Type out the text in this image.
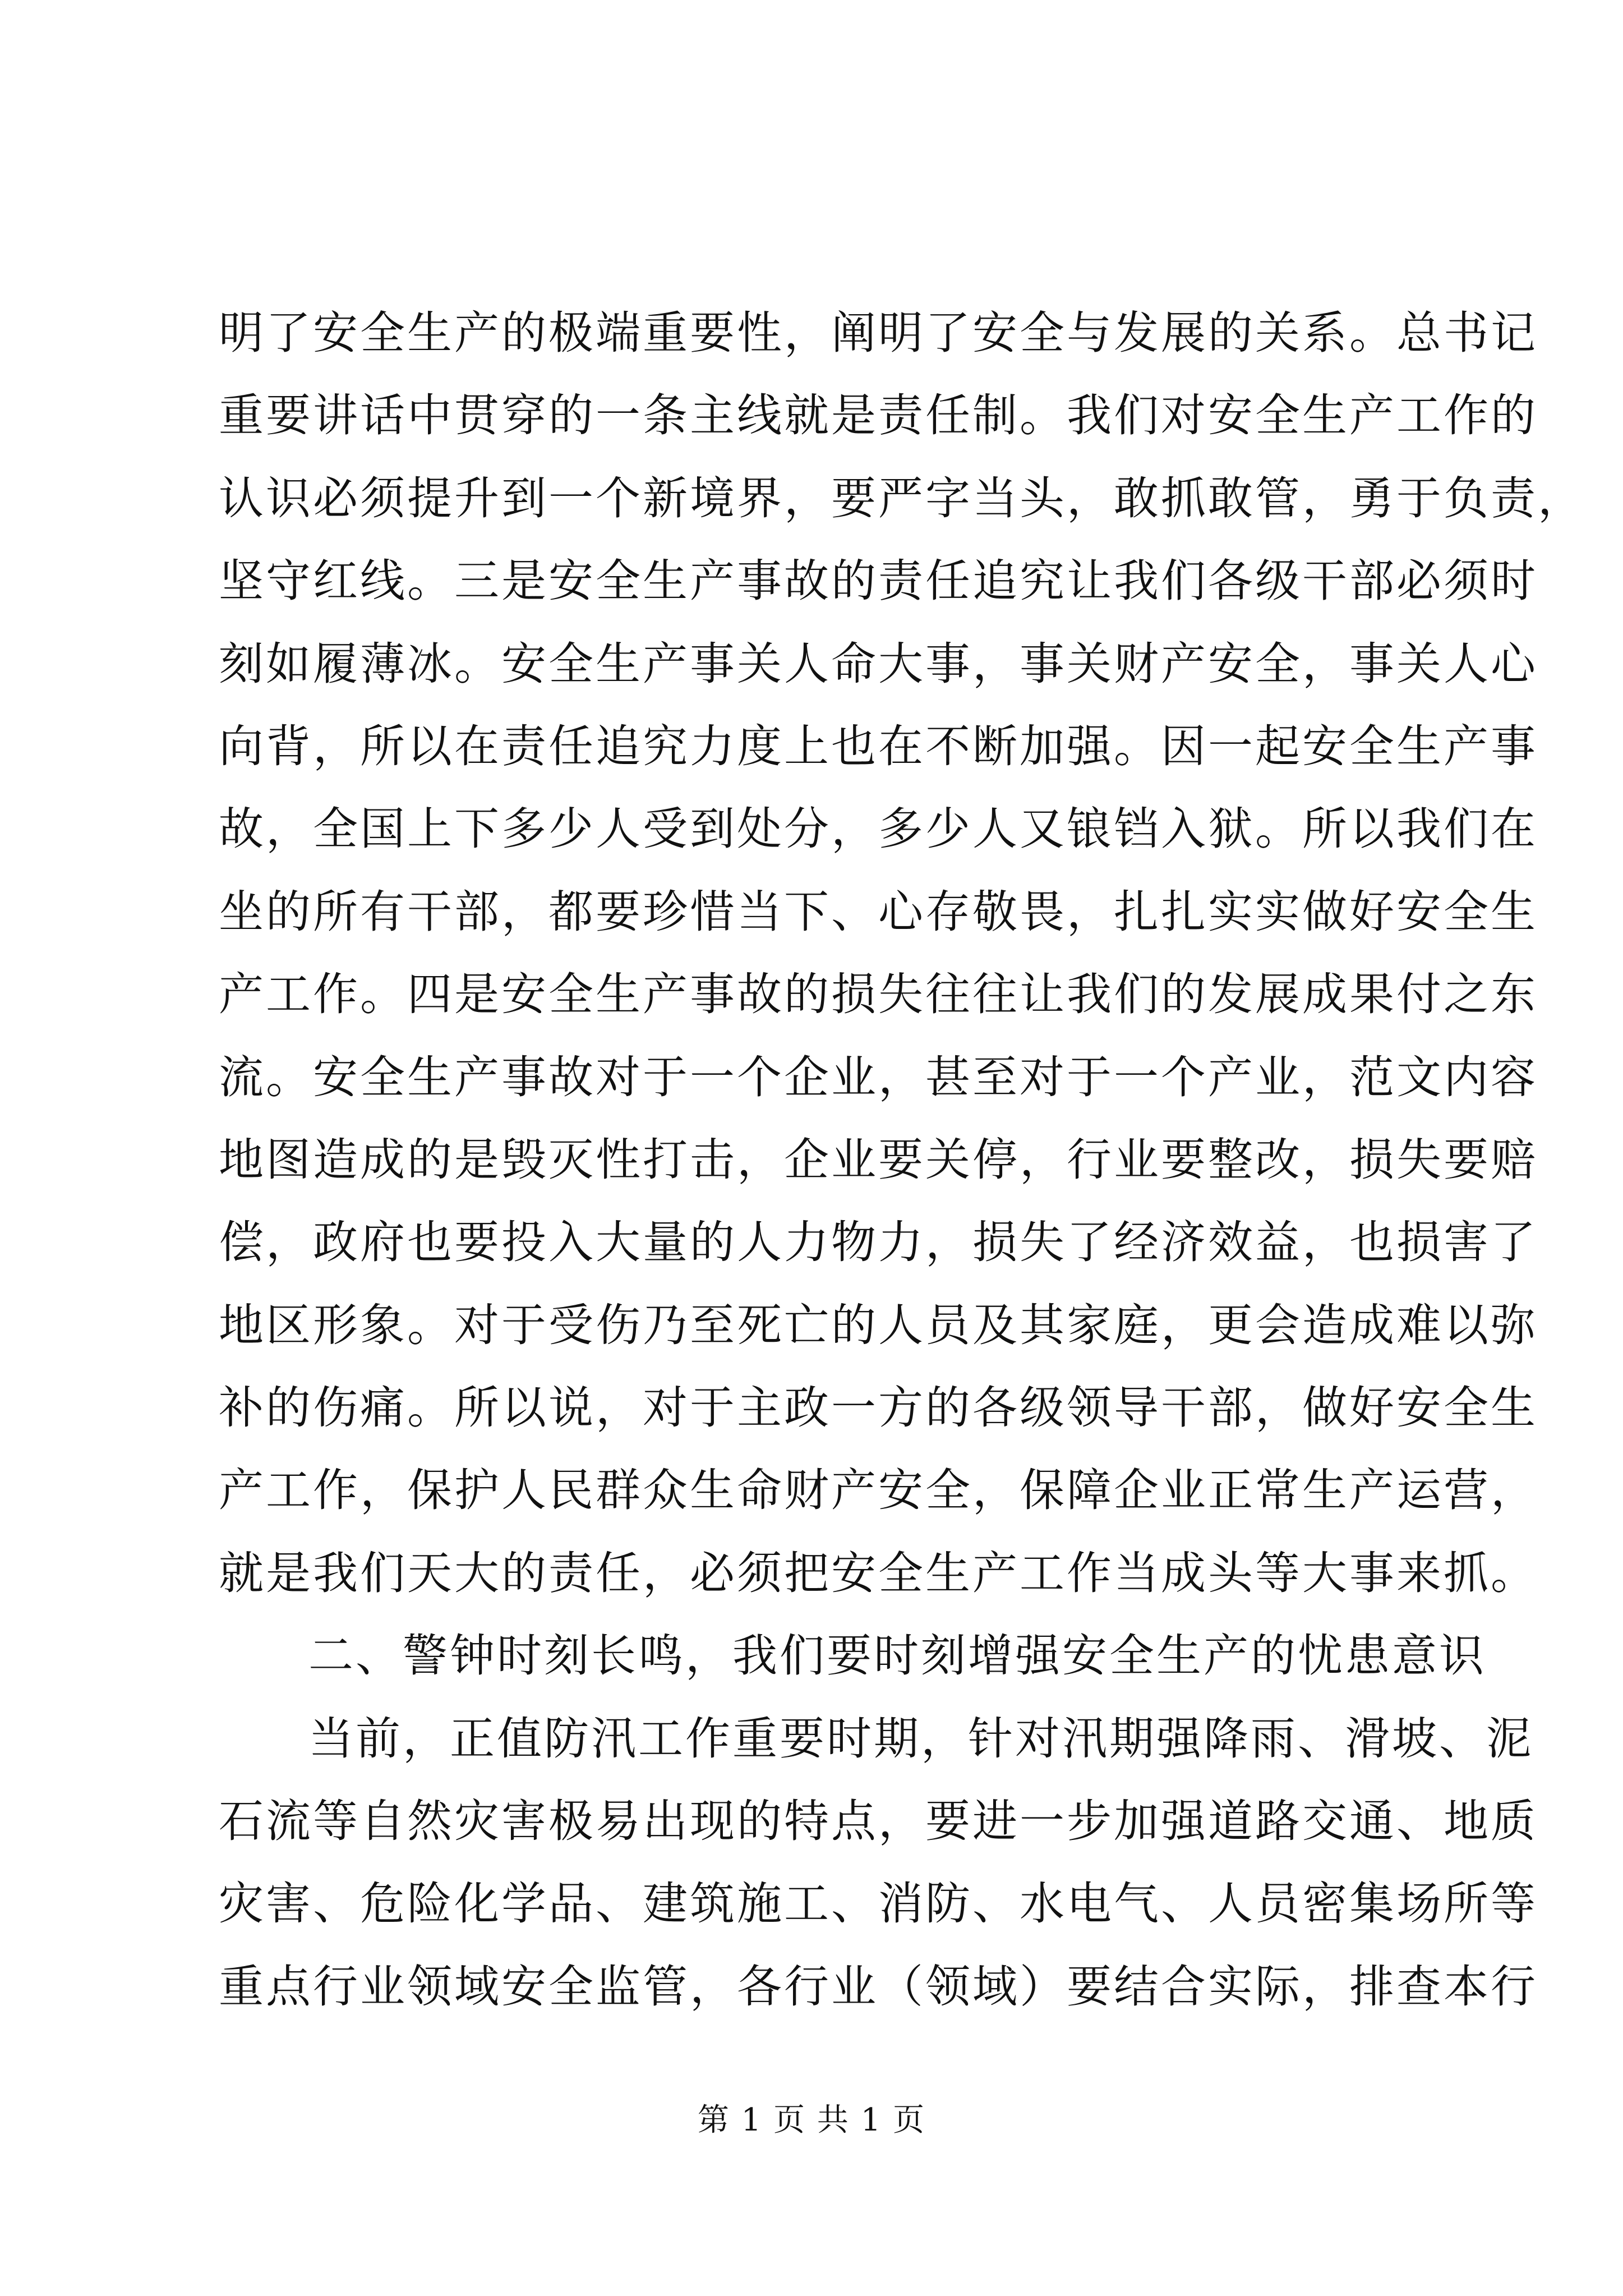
明了安全生产的极端重要性，阐明了安全与发展的关系。总书记
重要讲话中贯穿的一条主线就是责任制。我们对安全生产工作的
认识必须提升到一个新境界，要严字当头，敢抓敢管，勇于负责，
坚守红线。三是安全生产事故的责任追究让我们各级干部必须时
刻如履薄冰。安全生产事关人命大事，事关财产安全，事关人心
向背，所以在责任追究力度上也在不断加强。因一起安全生产事
故，全国上下多少人受到处分，多少人又锒铛入狱。所以我们在
坐的所有干部，都要珍惜当下、心存敬畏，扎扎实实做好安全生
产工作。四是安全生产事故的损失往往让我们的发展成果付之东
流。安全生产事故对于一个企业，甚至对于一个产业，范文内容
地图造成的是毁灭性打击，企业要关停，行业要整改，损失要赔
偿，政府也要投入大量的人力物力，损失了经济效益，也损害了
地区形象。对于受伤乃至死亡的人员及其家庭，更会造成难以弥
补的伤痛。所以说，对于主政一方的各级领导干部，做好安全生
产工作，保护人民群众生命财产安全，保障企业正常生产运营，
就是我们天大的责任，必须把安全生产工作当成头等大事来抓。
二、警钟时刻长鸣，我们要时刻增强安全生产的忧患意识
当前，正值防汛工作重要时期，针对汛期强降雨、滑坡、泥
石流等自然灾害极易出现的特点，要进一步加强道路交通、地质
灾害、危险化学品、建筑施工、消防、水电气、人员密集场所等
重点行业领域安全监管，各行业（领域）要结合实际，排查本行
第 1 页 共 1 页
